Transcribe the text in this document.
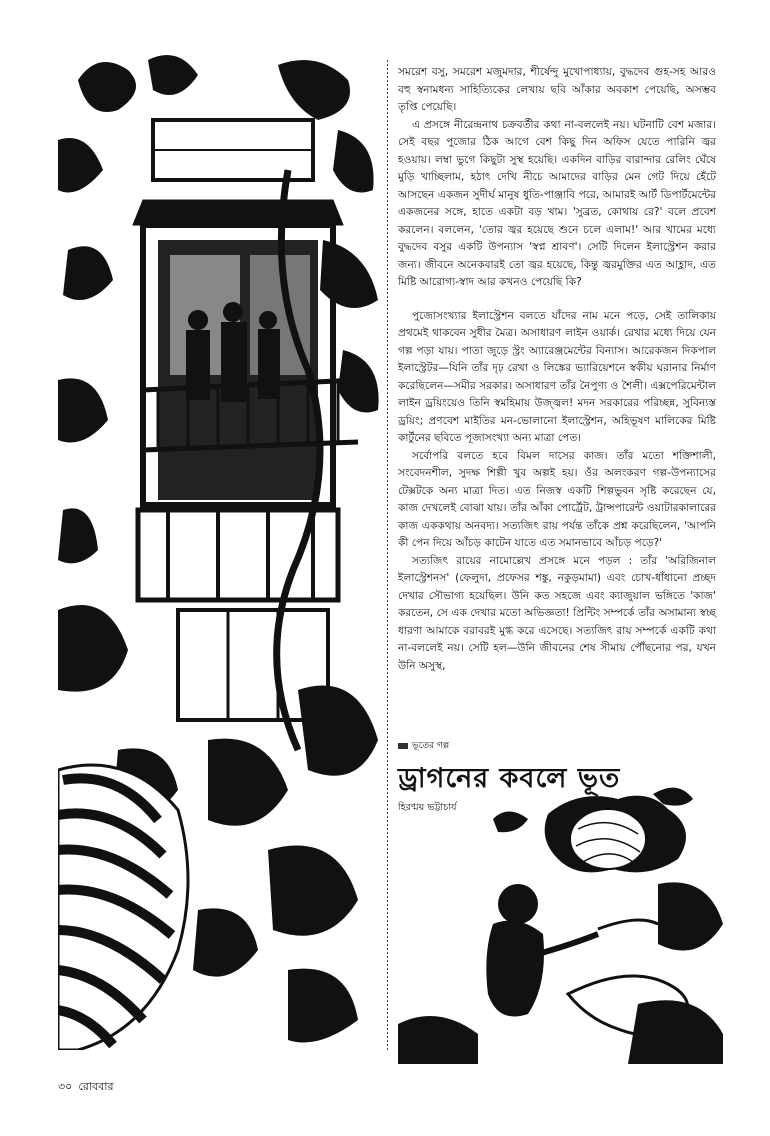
সমরেশ বসু, সমরেশ মজুমদার, শীর্ষেন্দু মুখোপাধ্যায়, বুদ্ধদেব গুহ-সহ আরও বহু স্বনামধন্য সাহিত্যিকের লেখায় ছবি আঁকার অবকাশ পেয়েছি, অসম্ভব তৃপ্তি পেয়েছি।

এ প্রসঙ্গে নীরেন্দ্রনাথ চক্রবর্তীর কথা না-বললেই নয়। ঘটনাটি বেশ মজার। সেই বছর পুজোর ঠিক আগে বেশ কিছু দিন অফিস যেতে পারিনি জ্বর হওয়ায়। লম্বা ভুগে কিছুটা সুস্থ হয়েছি। একদিন বাড়ির বারান্দার রেলিং ঘেঁষে মুড়ি খাচ্ছিলাম, হঠাৎ দেখি নীচে আমাদের বাড়ির মেন গেট দিয়ে হেঁটে আসছেন একজন সুদীর্ঘ মানুষ ধুতি-পাঞ্জাবি পরে, আমারই আর্ট ডিপার্টমেন্টের একজনের সঙ্গে, হাতে একটা বড় খাম। 'সুব্রত, কোথায় রে?' বলে প্রবেশ করলেন। বললেন, 'তোর জ্বর হয়েছে শুনে চলে এলাম!' আর খামের মধ্যে বুদ্ধদেব বসুর একটি উপন্যাস 'স্বপ্ন শ্রাবণ'। সেটি দিলেন ইলাস্ট্রেশন করার জন্য। জীবনে অনেকবারই তো জ্বর হয়েছে, কিন্তু জ্বরমুক্তির এত আহ্লাদ, এত মিষ্টি আরোগ্য-স্বাদ আর কখনও পেয়েছি কি?

পুজোসংখ্যার ইলাস্ট্রেশন বলতে যাঁদের নাম মনে পড়ে, সেই তালিকায় প্রথমেই থাকবেন সুধীর মৈত্র। অসাধারণ লাইন ওয়ার্ক। রেখার মধ্যে দিয়ে যেন গল্প পড়া যায়। পাতা জুড়ে স্ট্রং অ্যারেঞ্জমেন্টের বিন্যাস। আরেকজন দিকপাল ইলাস্ট্রেটর—যিনি তাঁর দৃঢ় রেখা ও লিঙ্কের ভ্যারিয়েশনে স্বকীয় ঘরানার নির্মাণ করেছিলেন—সমীর সরকার। অসাধারণ তাঁর নৈপুণ্য ও শৈলী। এক্সপেরিমেন্টাল লাইন ড্রয়িংয়েও তিনি স্বমহিমায় উজ্জ্বল! মদন সরকারের পরিচ্ছন্ন, সুবিন্যস্ত ড্রয়িং; প্রণবেশ মাইতির মন-ভোলানো ইলাস্ট্রেশন, অহিভূষণ মালিকের মিষ্টি কার্টুনের ছবিতে পূজাসংখ্যা অন্য মাত্রা পেত।

সর্বোপরি বলতে হবে বিমল দাসের কাজ। তাঁর মতো শক্তিশালী, সংবেদনশীল, সুদক্ষ শিল্পী খুব অল্পই হয়। ওঁর অলংকরণ গল্প-উপন্যাসের টেক্সটকে অন্য মাত্রা দিত। এত নিজস্ব একটি শিল্পভুবন সৃষ্টি করেছেন যে, কাজ দেখলেই বোঝা যায়। তাঁর আঁকা পোর্ট্রেট, ট্রান্সপারেন্ট ওয়াটারকালারের কাজ এককথায় অনবদ্য। সত্যজিৎ রায় পর্যন্ত তাঁকে প্রশ্ন করেছিলেন, 'আপনি কী পেন দিয়ে আঁচড় কাটেন যাতে এত সমানভাবে আঁচড় পড়ে?'

সত্যজিৎ রায়ের নামোল্লেখ প্রসঙ্গে মনে পড়ল : তাঁর 'অরিজিনাল ইলাস্ট্রেশনস' (ফেলুদা, প্রফেসর শঙ্কু, নকুড়মামা) এবং চোখ-ধাঁধানো প্রচ্ছদ দেখার সৌভাগ্য হয়েছিল। উনি কত সহজে এবং ক্যাজুয়াল ভঙ্গিতে 'কাজ' করতেন, সে এক দেখার মতো অভিজ্ঞতা! প্রিন্টিং সম্পর্কে তাঁর অসামান্য স্বচ্ছ ধারণা আমাকে বরাবরই মুগ্ধ করে এসেছে। সত্যজিৎ রায় সম্পর্কে একটি কথা না-বললেই নয়। সেটি হল—উনি জীবনের শেষ সীমায় পৌঁছনোর পর, যখন উনি অসুস্থ,

ভূতের গল্প
ড্রাগনের কবলে ভূত
হিরণ্ময় ভট্টাচার্য
৩০ রোববার
